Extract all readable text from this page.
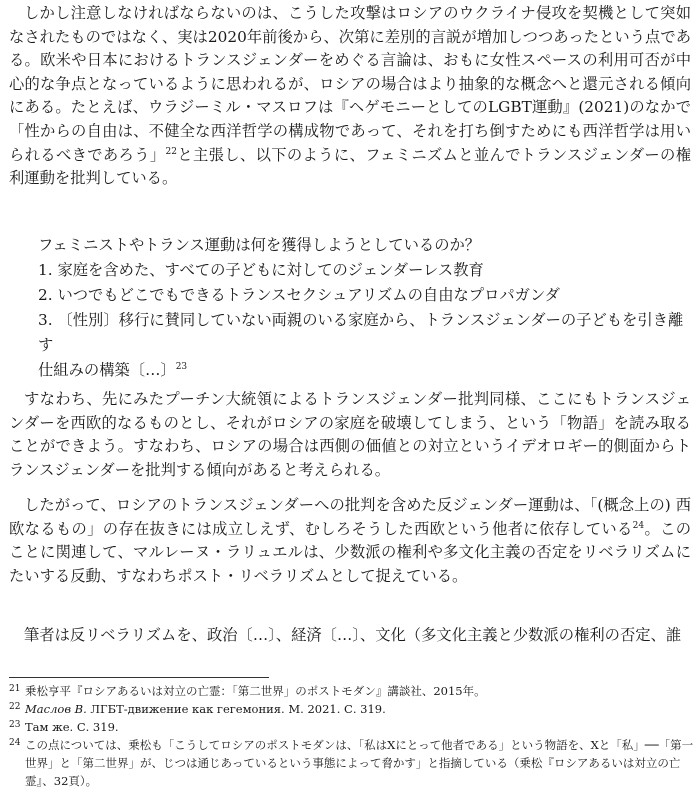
しかし注意しなければならないのは、こうした攻撃はロシアのウクライナ侵攻を契機として突如なされたものではなく、実は2020年前後から、次第に差別的言説が増加しつつあったという点である。欧米や日本におけるトランスジェンダーをめぐる言論は、おもに女性スペースの利用可否が中心的な争点となっているように思われるが、ロシアの場合はより抽象的な概念へと還元される傾向にある。たとえば、ウラジーミル・マスロフは『ヘゲモニーとしてのLGBT運動』(2021)のなかで「性からの自由は、不健全な西洋哲学の構成物であって、それを打ち倒すためにも西洋哲学は用いられるべきであろう」$^{22}$と主張し、以下のように、フェミニズムと並んでトランスジェンダーの権利運動を批判している。

フェミニストやトランス運動は何を獲得しようとしているのか？
1. 家庭を含めた、すべての子どもに対してのジェンダーレス教育
2. いつでもどこでもできるトランスセクシュアリズムの自由なプロパガンダ
3. 〔性別〕移行に賛同していない両親のいる家庭から、トランスジェンダーの子どもを引き離す
仕組みの構築〔…〕$^{23}$

すなわち、先にみたプーチン大統領によるトランスジェンダー批判同様、ここにもトランスジェンダーを西欧的なるものとし、それがロシアの家庭を破壊してしまう、という「物語」を読み取ることができよう。すなわち、ロシアの場合は西側の価値との対立というイデオロギー的側面からトランスジェンダーを批判する傾向があると考えられる。

したがって、ロシアのトランスジェンダーへの批判を含めた反ジェンダー運動は、「(概念上の) 西欧なるもの」の存在抜きには成立しえず、むしろそうした西欧という他者に依存している$^{24}$。このことに関連して、マルレーヌ・ラリュエルは、少数派の権利や多文化主義の否定をリベラリズムにたいする反動、すなわちポスト・リベラリズムとして捉えている。

筆者は反リベラリズムを、政治〔…〕、経済〔…〕、文化（多文化主義と少数派の権利の否定、誰

21 乗松亨平『ロシアあるいは対立の亡霊：「第二世界」のポストモダン』講談社、2015年。
22 Маслов В. ЛГБТ-движение как гегемония. М. 2021. С. 319.
23 Там же. С. 319.
24 この点については、乗松も「こうしてロシアのポストモダンは、「私はXにとって他者である」という物語を、Xと「私」──「第一世界」と「第二世界」が、じつは通じあっているという事態によって脅かす」と指摘している（乗松『ロシアあるいは対立の亡霊』、32頁）。
